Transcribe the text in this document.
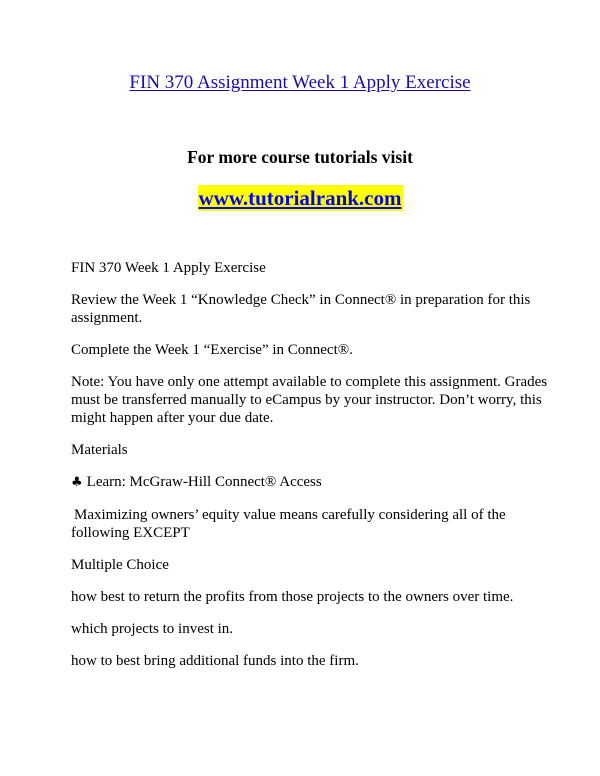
FIN 370 Assignment Week 1 Apply Exercise
For more course tutorials visit
www.tutorialrank.com

FIN 370 Week 1 Apply Exercise

Review the Week 1 “Knowledge Check” in Connect® in preparation for this assignment.

Complete the Week 1 “Exercise” in Connect®.

Note: You have only one attempt available to complete this assignment. Grades must be transferred manually to eCampus by your instructor. Don’t worry, this might happen after your due date.

Materials

♣ Learn: McGraw-Hill Connect® Access

Maximizing owners’ equity value means carefully considering all of the following EXCEPT

Multiple Choice

how best to return the profits from those projects to the owners over time.

which projects to invest in.

how to best bring additional funds into the firm.
